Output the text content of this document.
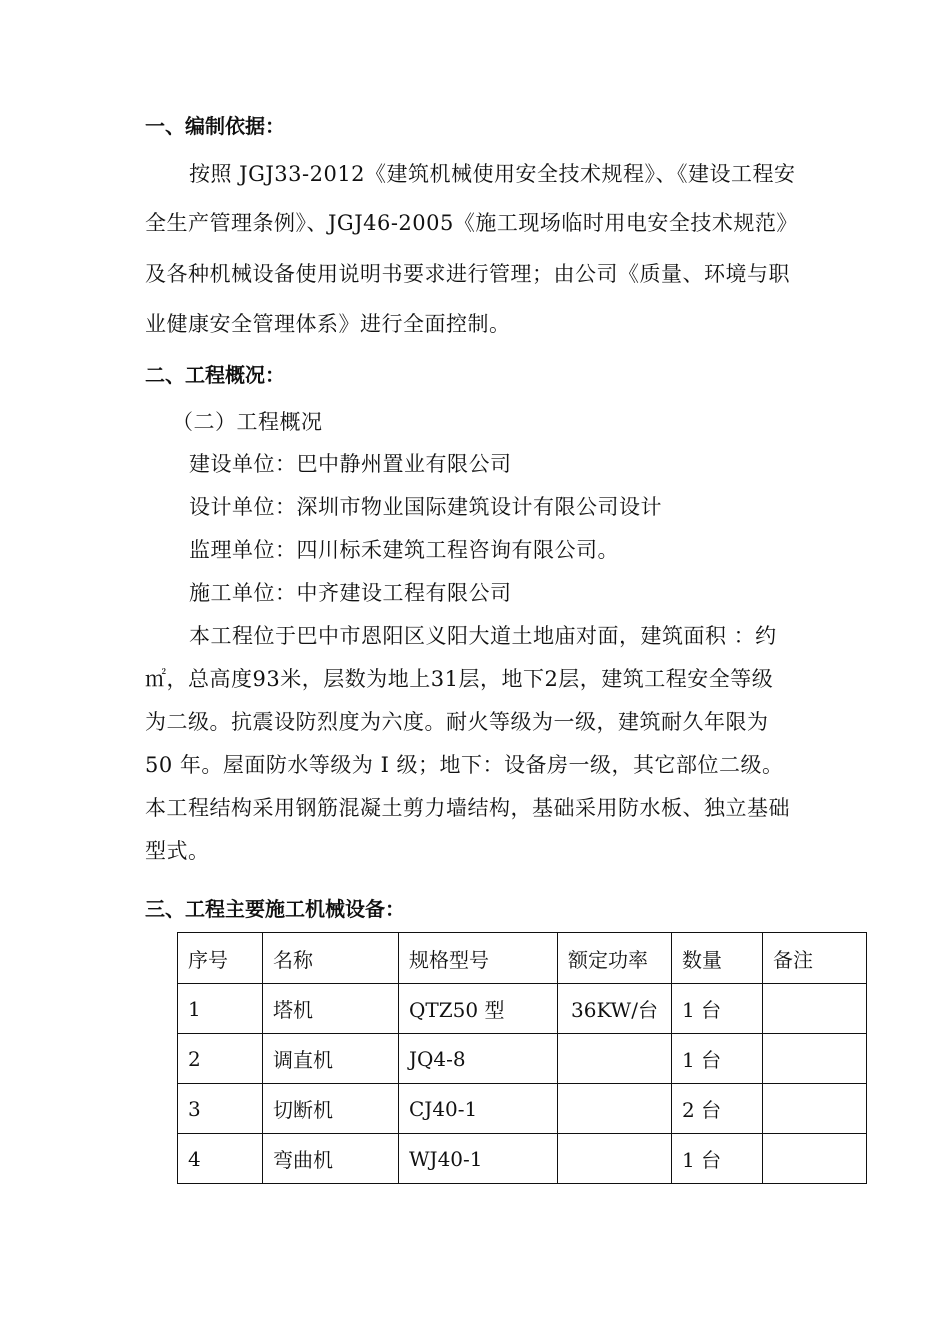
一、编制依据：
按照 JGJ33-2012《建筑机械使用安全技术规程》、《建设工程安
全生产管理条例》、JGJ46-2005《施工现场临时用电安全技术规范》
及各种机械设备使用说明书要求进行管理；由公司《质量、环境与职
业健康安全管理体系》进行全面控制。
二、工程概况：
（二）工程概况
建设单位：巴中静州置业有限公司
设计单位：深圳市物业国际建筑设计有限公司设计
监理单位：四川标禾建筑工程咨询有限公司。
施工单位：中齐建设工程有限公司
本工程位于巴中市恩阳区义阳大道土地庙对面，建筑面积 ：约
㎡，总高度93米，层数为地上31层，地下2层，建筑工程安全等级
为二级。抗震设防烈度为六度。耐火等级为一级，建筑耐久年限为
50 年。屋面防水等级为 I 级；地下：设备房一级，其它部位二级。
本工程结构采用钢筋混凝土剪力墙结构，基础采用防水板、独立基础
型式。
三、工程主要施工机械设备：
序号	名称	规格型号	额定功率	数量	备注
1	塔机	QTZ50 型	36KW/台	1 台	
2	调直机	JQ4-8		1 台	
3	切断机	CJ40-1		2 台	
4	弯曲机	WJ40-1		1 台	
